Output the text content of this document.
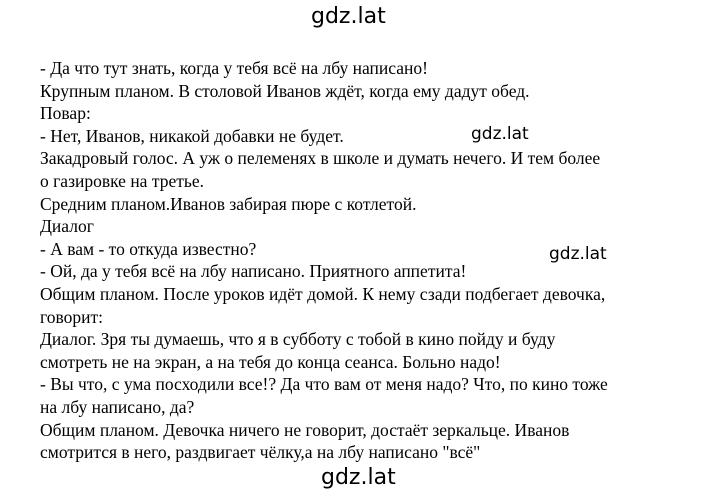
gdz.lat
gdz.lat
gdz.lat
gdz.lat
- Да что тут знать, когда у тебя всё на лбу написано!
Крупным планом. В столовой Иванов ждёт, когда ему дадут обед.
Повар:
- Нет, Иванов, никакой добавки не будет.
Закадровый голос. А уж о пелеменях в школе и думать нечего. И тем более
о газировке на третье.
Средним планом.Иванов забирая пюре с котлетой.
Диалог
- А вам - то откуда известно?
- Ой, да у тебя всё на лбу написано. Приятного аппетита!
Общим планом. После уроков идёт домой. К нему сзади подбегает девочка,
говорит:
Диалог. Зря ты думаешь, что я в субботу с тобой в кино пойду и буду
смотреть не на экран, а на тебя до конца сеанса. Больно надо!
- Вы что, с ума посходили все!? Да что вам от меня надо? Что, по кино тоже
на лбу написано, да?
Общим планом. Девочка ничего не говорит, достаёт зеркальце. Иванов
смотрится в него, раздвигает чёлку,а на лбу написано "всё"
